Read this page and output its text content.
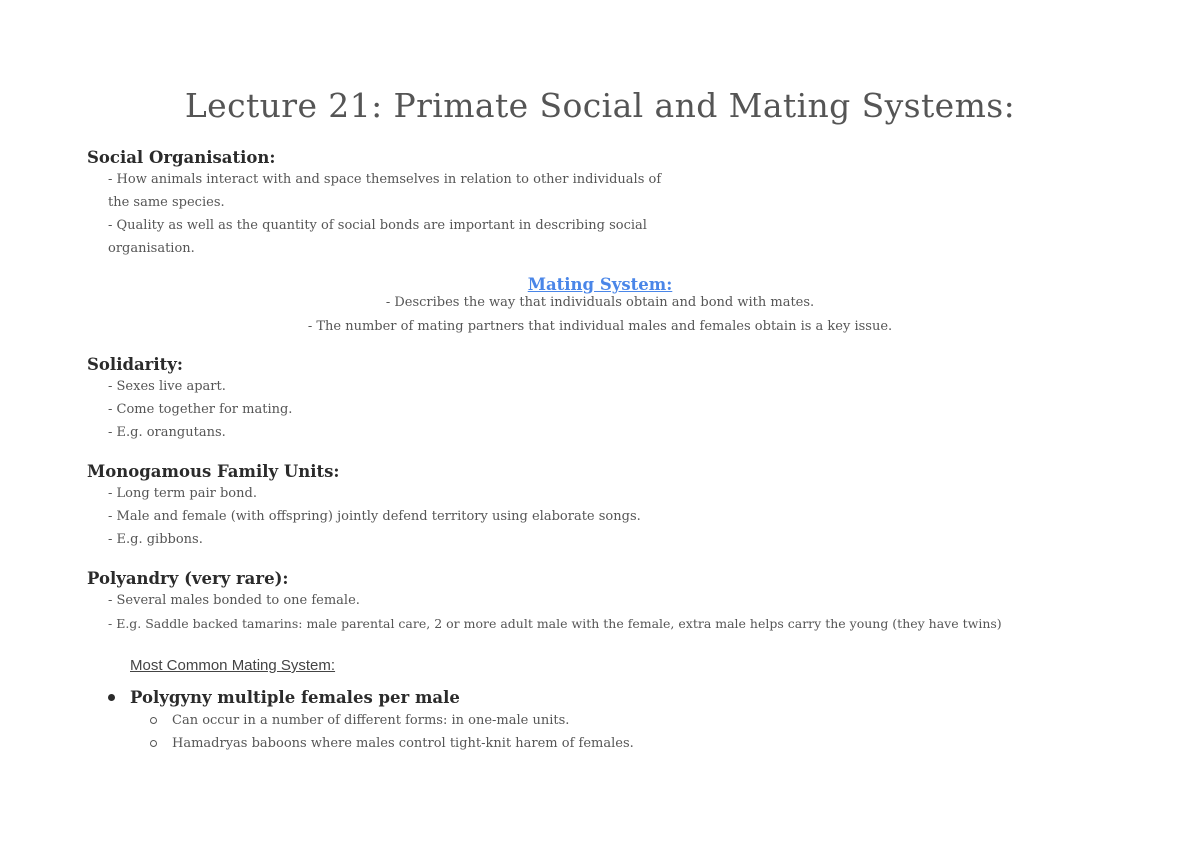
Lecture 21: Primate Social and Mating Systems:
Social Organisation:

- How animals interact with and space themselves in relation to other individuals of

the same species.

- Quality as well as the quantity of social bonds are important in describing social

organisation.

Mating System:

- Describes the way that individuals obtain and bond with mates.

- The number of mating partners that individual males and females obtain is a key issue.

Solidarity:

- Sexes live apart.

- Come together for mating.

- E.g. orangutans.

Monogamous Family Units:

- Long term pair bond.

- Male and female (with offspring) jointly defend territory using elaborate songs.

- E.g. gibbons.

Polyandry (very rare):

- Several males bonded to one female.

- E.g. Saddle backed tamarins: male parental care, 2 or more adult male with the female, extra male helps carry the young (they have twins)

Most Common Mating System:

Polygyny multiple females per male
Can occur in a number of different forms: in one-male units.
Hamadryas baboons where males control tight-knit harem of females.
